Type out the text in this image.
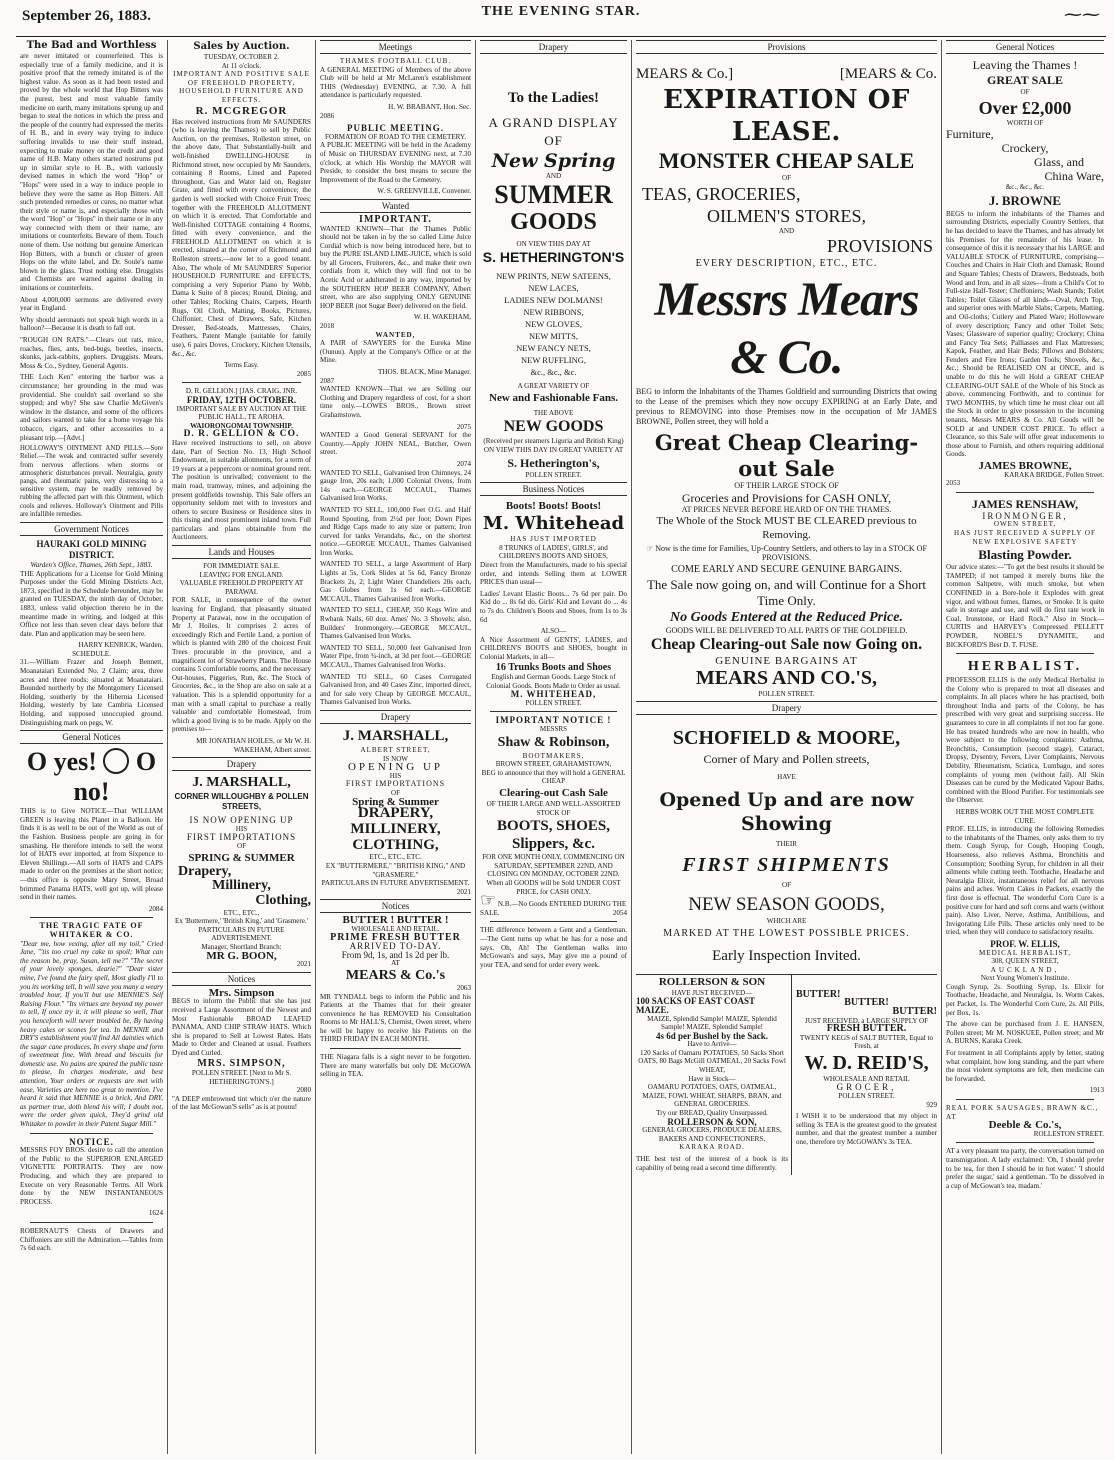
September 26, 1883.	THE EVENING STAR.	⁓⁓
The Bad and Worthless

are never imitated or counterfeited. This is especially true of a family medicine, and it is positive proof that the remedy imitated is of the highest value. As soon as it had been tested and proved by the whole world that Hop Bitters was the purest, best and most valuable family medicine on earth, many imitations sprung up and began to steal the notices in which the press and the people of the country had expressed the merits of H. B., and in every way trying to induce suffering invalids to use their stuff instead, expecting to make money on the credit and good name of H.B. Many others started nostrums put up in similar style to H. B., with variously devised names in which the word "Hop" or "Hops" were used in a way to induce people to believe they were the same as Hop Bitters. All such pretended remedies or cures, no matter what their style or name is, and especially those with the word "Hop" or "Hops" in their name or in any way connected with them or their name, are imitations or counterfeits. Beware of them. Touch none of them. Use nothing but genuine American Hop Bitters, with a bunch or cluster of green Hops on the white label, and Dr. Soule's name blown in the glass. Trust nothing else. Druggists and Chemists are warned against dealing in imitations or counterfeits.

About 4,000,000 sermons are delivered every year in England.

Why should aeronauts not speak high words in a balloon?—Because it is death to fall out.

"ROUGH ON RATS."—Clears out rats, mice, roaches, flies, ants, bed-bugs, beetles, insects, skunks, jack-rabbits, gophers. Druggists. Mears, Moss & Co., Sydney, General Agents.

THE Loch Ken" entering the harbor was a circumstance; her grounding in the mud was providential. She couldn't sail overland so she stopped; and why? She saw Charlie McGiven's window in the distance, and some of the officers and sailors wanted to take for a home voyage his tobacco, cigars, and other accessories to a pleasant trip.—[Advt.]

HOLLOWAY'S OINTMENT AND PILLS.—Sore Relief.—The weak and contracted suffer severely from nervous affections when storms or atmospheric disturbances prevail. Neuralgia, gouty pangs, and rheumatic pains, very distressing to a sensitive system, may be readily removed by rubbing the affected part with this Ointment, which cools and relieves. Holloway's Ointment and Pills are infallible remedies.

Government Notices
HAURAKI GOLD MINING DISTRICT.
Warden's Office, Thames, 26th Sept., 1883.

THE Applications for a License for Gold Mining Purposes under the Gold Mining Districts Act, 1873, specified in the Schedule hereunder, may be granted on TUESDAY, the ninth day of October, 1883, unless valid objection thereto be in the meantime made in writing, and lodged at this Office not less than seven clear days before that date. Plan and application may be seen here.

HARRY KENRICK, Warden.
SCHEDULE.

31.—William Frazer and Joseph Bennett, Moanataiari Extended No. 2 Claim; area, three acres and three roods; situated at Moanataiari. Bounded northerly by the Montgomery Licensed Holding, southerly by the Hibernia Licensed Holding, westerly by late Cambria Licensed Holding, and supposed unoccupied ground. Distinguishing mark on pegs, W.

General Notices
O yes! O no!

THIS is to Give NOTICE—That WILLIAM GREEN is leaving this Planet in a Balloon. He finds it is as well to be out of the World as out of the Fashion. Business people are going in for smashing. He therefore intends to sell the worst lot of HATS ever imported, at from Sixpence to Eleven Shillings.—All sorts of HATS and CAPS made to order on the premises at the short notice;—this office is opposite Mary Street, Broad brimmed Panama HATS, well got up, will please send in their names.

2084
THE TRAGIC FATE OF WHITAKER & CO.

"Dear me, how vexing, after all my toil," Cried Jane, "'tis too cruel my cake to spoil; What can the reason be, pray, Susan, tell me?" "The secret of your lovely sponges, dearie?" "Dear sister mine, I've found the fairy spell, Most gladly I'll to you its working tell, It will save you many a weary troubled hour, If you'll but use MENNIE'S Self Raising Flour." "Its virtues are beyond my power to tell, If once try it, it will please so well, That you henceforth will never troubled be, By having heavy cakes or scones for tea. In MENNIE and DRY'S establishment you'll find All dainties which the sugar cane produces, In every shape and form of sweetmeat fine, With bread and biscuits for domestic use. No pains are spared the public taste to please, In charges moderate, and best attention, Your orders or requests are met with ease, Varieties are here too great to mention. I've heard it said that MENNIE is a brick, And DRY, as partner true, doth blend his will; I doubt not, were the order given quick, They'd grind old Whitaker to powder in their Patent Sugar Mill."

NOTICE.

MESSRS FOY BROS. desire to call the attention of the Public to the SUPERIOR ENLARGED VIGNETTE PORTRAITS. They are now Producing, and which they are prepared to Execute on very Reasonable Terms. All Work done by the NEW INSTANTANEOUS PROCESS.

1624

ROBERNAUT'S Chests of Drawers and Chiffoniers are still the Admiration.—Tables from 7s 6d each.

Sales by Auction.
TUESDAY, OCTOBER 2.
At 11 o'clock.
IMPORTANT AND POSITIVE SALE OF FREEHOLD PROPERTY, HOUSEHOLD FURNITURE AND EFFECTS.
R. MCGREGOR

Has received instructions from Mr SAUNDERS (who is leaving the Thames) to sell by Public Auction, on the premises, Rolleston street, on the above date, That Substantially-built and well-finished DWELLING-HOUSE in Richmond street, now occupied by Mr Saunders, containing 8 Rooms, Lined and Papered throughout, Gas and Water laid on, Register Grate, and fitted with every convenience; the garden is well stocked with Choice Fruit Trees; together with the FREEHOLD ALLOTMENT on which it is erected. That Comfortable and Well-finished COTTAGE containing 4 Rooms, fitted with every convenience, and the FREEHOLD ALLOTMENT on which it is erected, situated at the corner of Richmond and Rolleston streets,—now let to a good tenant. Also, The whole of Mr SAUNDERS' Superior HOUSEHOLD FURNITURE and EFFECTS, comprising a very Superior Piano by Webb, Dama k Suite of 8 pieces; Round, Dining, and other Tables; Rocking Chairs, Carpets, Hearth Rugs, Oil Cloth, Matting, Books, Pictures, Chiffonier, Chest of Drawers, Safe, Kitchen Dresser, Bed-steads, Mattresses, Chairs, Feathers, Patent Mangle (suitable for family use), 6 pairs Doves, Crockery, Kitchen Utensils, &c., &c.

Terms Easy.
2085
D. R. GELLION.] [JAS. CRAIG, JNR.
FRIDAY, 12TH OCTOBER.
IMPORTANT SALE BY AUCTION AT THE PUBLIC HALL, TE AROHA.
WAIORONGOMAI TOWNSHIP.
D. R. GELLION & CO.

Have received instructions to sell, on above date, Part of Section No. 13, High School Endowment, in suitable allotments, for a term of 19 years at a peppercorn or nominal ground rent. The position is unrivalled; convenient to the main road, tramway, mines, and adjoining the present goldfields township. This Sale offers an opportunity seldom met with to investors and others to secure Business or Residence sites in this rising and most prominent inland town. Full particulars and plans obtainable from the Auctioneers.

Lands and Houses
FOR IMMEDIATE SALE.
LEAVING FOR ENGLAND.
VALUABLE FREEHOLD PROPERTY AT PARAWAI.

FOR SALE, in consequence of the owner leaving for England, that pleasantly situated Property at Parawai, now in the occupation of Mr J. Hoiles. It comprises 2 acres of exceedingly Rich and Fertile Land, a portion of which is planted with 280 of the choicest Fruit Trees procurable in the province, and a magnificent lot of Strawberry Plants. The House contains 5 comfortable rooms, and the necessary Out-houses, Piggeries, Run, &c. The Stock of Groceries, &c., in the Shop are also on sale at a valuation. This is a splendid opportunity for a man with a small capital to purchase a really valuable and comfortable Homestead, from which a good living is to be made. Apply on the premises to—

MR JONATHAN HOILES, or Mr W. H. WAKEHAM, Albert street.
Drapery
J. MARSHALL,
CORNER WILLOUGHBY & POLLEN STREETS,
IS NOW OPENING UP
HIS
FIRST IMPORTATIONS
OF
SPRING & SUMMER
Drapery,
Millinery,
Clothing,
ETC., ETC.,
Ex 'Buttermere,' 'British King,' and 'Grasmere.'
PARTICULARS IN FUTURE ADVERTISEMENT.
Manager, Shortland Branch:
MR G. BOON,
2021
Notices
Mrs. Simpson

BEGS to inform the Public that she has just received a Large Assortment of the Newest and Most Fashionable BROAD LEAFED PANAMA, AND CHIP STRAW HATS. Which she is prepared to Sell at Lowest Rates. Hats Made to Order and Cleaned at usual. Feathers Dyed and Curled.

MRS. SIMPSON,
POLLEN STREET. [Next to Mr S. HETHERINGTON'S.]
2080

"A DEEP embrowned tint which o'er the nature of the last McGowan'S sells" as is at pounu!

Meetings
THAMES FOOTBALL CLUB.

A GENERAL MEETING of Members of the above Club will be held at Mr McLaren's establishment THIS (Wednesday) EVENING, at 7.30. A full attendance is particularly requested.

H. W. BRABANT, Hon. Sec.
2086
PUBLIC MEETING.
FORMATION OF ROAD TO THE CEMETERY.

A PUBLIC MEETING will be held in the Academy of Music on THURSDAY EVENING next, at 7.30 o'clock, at which His Worship the MAYOR will Preside, to consider the best means to secure the Improvement of the Road to the Cemetery.

W. S. GREENVILLE, Convener.
Wanted
IMPORTANT.

WANTED KNOWN—That the Thames Public should not be taken in by the so called Lime Juice Cordial which is now being introduced here, but to buy the PURE ISLAND LIME-JUICE, which is sold by all Grocers, Fruiterers, &c., and make their own cordials from it, which they will find not to be Acetic Acid or adulterated in any way, imported by the SOUTHERN HOP BEER COMPANY, Albert street, who are also supplying ONLY GENUINE HOP BEER (not Sugar Beer) delivered on the field.

W. H. WAKEHAM,
2018
WANTED,

A PAIR of SAWYERS for the Eureka Mine (Ounuu). Apply at the Company's Office or at the Mine.

THOS. BLACK, Mine Manager.
2087

WANTED KNOWN—That we are Selling our Clothing and Drapery regardless of cost, for a short time only.—LOWES BROS., Brown street Grahamstown.

2075

WANTED a Good General SERVANT for the Country.—Apply JOHN NEAL, Butcher, Owen street.

2074

WANTED TO SELL, Galvanised Iron Chimneys, 24 gauge Iron, 20s each; 1,000 Colonial Ovens, from 14s each.—GEORGE MCCAUL, Thames Galvanised Iron Works.

WANTED TO SELL, 100,000 Feet O.G. and Half Round Spouting, from 2½d per foot; Down Pipes and Ridge Caps made to any size or pattern; Iron curved for tanks Verandahs, &c., on the shortest notice.—GEORGE MCCAUL, Thames Galvanised Iron Works.

WANTED TO SELL, a large Assortment of Harp Lights at 5s, Cork Slides at 5s 6d, Fancy Bronze Brackets 2s, 2; Light Water Chandeliers 20s each, Gas Globes from 1s 6d each.—GEORGE MCCAUL, Thames Galvanised Iron Works.

WANTED TO SELL, CHEAP, 350 Kegs Wire and Rwbank Nails, 60 doz. Ames' No. 3 Shovels; also, Builders' Ironmongery.—GEORGE MCCAUL, Thames Galvanised Iron Works.

WANTED TO SELL, 50,000 feet Galvanised Iron Water Pipe, from ¾-inch, at 3d per foot.—GEORGE MCCAUL, Thames Galvanised Iron Works.

WANTED TO SELL, 60 Cases Corrugated Galvanised Iron, and 40 Cases Zinc, imported direct, and for sale very Cheap by GEORGE MCCAUL, Thames Galvanised Iron Works.

Drapery
J. MARSHALL,
ALBERT STREET,
IS NOW
OPENING UP
HIS
FIRST IMPORTATIONS
OF
Spring & Summer
DRAPERY,
MILLINERY,
CLOTHING,
ETC., ETC., ETC.
EX "BUTTERMERE," "BRITISH KING," AND "GRASMERE."
PARTICULARS IN FUTURE ADVERTISEMENT.
2021
Notices
BUTTER ! BUTTER !
WHOLESALE AND RETAIL.
PRIME FRESH BUTTER
ARRIVED TO-DAY.
From 9d, 1s, and 1s 2d per lb.
AT
MEARS & Co.'s
2063

MR TYNDALL begs to inform the Public and his Patients at the Thames that for their greater convenience he has REMOVED his Consultation Rooms to Mr HALL'S, Chemist, Owen street, where he will be happy to receive his Patients on the THIRD FRIDAY IN EACH MONTH.

THE Niagara falls is a sight never to be forgotten. There are many waterfalls but only DE McGOWA selling in TEA.

Drapery
To the Ladies!
A GRAND DISPLAY OF
New Spring
AND
SUMMER
GOODS
ON VIEW THIS DAY AT
S. HETHERINGTON'S
NEW PRINTS, NEW SATEENS,
NEW LACES,
LADIES NEW DOLMANS!
NEW RIBBONS,
NEW GLOVES,
NEW MITTS,
NEW FANCY NETS,
NEW RUFFLING,
&c., &c., &c.
A GREAT VARIETY OF
New and Fashionable Fans.
THE ABOVE
NEW GOODS
(Received per steamers Liguria and British King)
ON VIEW THIS DAY IN GREAT VARIETY AT
S. Hetherington's,
POLLEN STREET.
Business Notices
Boots! Boots! Boots!
M. Whitehead
HAS JUST IMPORTED
8 TRUNKS of LADIES', GIRLS', and CHILDREN'S BOOTS AND SHOES,

Direct from the Manufacturers, made to his special order, and intends Selling them at LOWER PRICES than usual—

Ladies' Levant Elastic Boots... 7s 6d per pair. Do Kid do ... 8s 6d do. Girls' Kid and Levant do ... 4s to 7s do. Children's Boots and Shoes, from 1s to 3s 6d

ALSO—

A Nice Assortment of GENTS', LADIES, and CHILDREN'S BOOTS and SHOES, bought in Colonial Markets, in all—

16 Trunks Boots and Shoes
English and German Goods. Large Stock of Colonial Goods. Boots Made to Order as usual.
M. WHITEHEAD,
POLLEN STREET.
IMPORTANT NOTICE !
MESSRS
Shaw & Robinson,
BOOTMAKERS,
BROWN STREET, GRAHAMSTOWN,
BEG to announce that they will hold a GENERAL CHEAP
Clearing-out Cash Sale
OF THEIR LARGE AND WELL-ASSORTED STOCK OF
BOOTS, SHOES,
Slippers, &c.
FOR ONE MONTH ONLY, COMMENCING ON SATURDAY, SEPTEMBER 22ND, AND CLOSING ON MONDAY, OCTOBER 22ND.
When all GOODS will be Sold UNDER COST PRICE, for CASH ONLY.
☞ N.B.—No Goods ENTERED DURING THE SALE.	2054

THE difference between a Gent and a Gentleman.—The Gent turns up what he has for a nose and says, Oh, Ah! The Gentleman walks into McGowan's and says, May give me a pound of your TEA, and send for order every week.

Provisions
MEARS & Co.]	[MEARS & Co.
EXPIRATION OF LEASE.
MONSTER CHEAP SALE
OF
TEAS, GROCERIES,
OILMEN'S STORES,
AND
PROVISIONS
EVERY DESCRIPTION, ETC., ETC.
Messrs Mears & Co.

BEG to inform the Inhabitants of the Thames Goldfield and surrounding Districts that owing to the Lease of the premises which they now occupy EXPIRING at an Early Date, and previous to REMOVING into those Premises now in the occupation of Mr JAMES BROWNE, Pollen street, they will hold a

Great Cheap Clearing-out Sale
OF THEIR LARGE STOCK OF
Groceries and Provisions for CASH ONLY,
AT PRICES NEVER BEFORE HEARD OF ON THE THAMES.
The Whole of the Stock MUST BE CLEARED previous to Removing.
☞ Now is the time for Families, Up-Country Settlers, and others to lay in a STOCK OF PROVISIONS.
COME EARLY AND SECURE GENUINE BARGAINS.
The Sale now going on, and will Continue for a Short Time Only.
No Goods Entered at the Reduced Price.
GOODS WILL BE DELIVERED TO ALL PARTS OF THE GOLDFIELD.
Cheap Clearing-out Sale now Going on.
GENUINE BARGAINS AT
MEARS AND CO.'S,
POLLEN STREET.
Drapery
SCHOFIELD & MOORE,
Corner of Mary and Pollen streets,
HAVE
Opened Up and are now Showing
THEIR
FIRST SHIPMENTS
OF
NEW SEASON GOODS,
WHICH ARE
MARKED AT THE LOWEST POSSIBLE PRICES.
Early Inspection Invited.
ROLLERSON & SON
HAVE JUST RECEIVED—
100 SACKS OF EAST COAST MAIZE.
MAIZE, Splendid Sample! MAIZE, Splendid Sample! MAIZE, Splendid Sample!
4s 6d per Bushel by the Sack.
Have to Arrive—
120 Sacks of Oamaru POTATOES, 50 Sacks Short OATS, 80 Bags McGill OATMEAL, 20 Sacks Fowl WHEAT,
Have in Stock—
OAMARU POTATOES, OATS, OATMEAL, MAIZE, FOWL WHEAT, SHARPS, BRAN, and GENERAL GROCERIES.
Try our BREAD, Quality Unsurpassed.
ROLLERSON & SON,
GENERAL GROCERS, PRODUCE DEALERS, BAKERS AND CONFECTIONERS,
KARAKA ROAD.

THE best test of the interest of a book is its capability of being read a second time differently.

BUTTER!
BUTTER!
BUTTER!
JUST RECEIVED, a LARGE SUPPLY OF
FRESH BUTTER.
TWENTY KEGS of SALT BUTTER, Equal to Fresh, at
W. D. REID'S,
WHOLESALE AND RETAIL
GROCER,
POLLEN STREET.
929

I WISH it to be understood that my object in selling 3s TEA is the greatest good to the greatest number, and that the greatest number a number one, therefore try McGOWAN's 3s TEA.

General Notices
Leaving the Thames !
GREAT SALE
OF
Over £2,000
WORTH OF
Furniture,
Crockery,
Glass, and
China Ware,
&c., &c., &c.
J. BROWNE

BEGS to inform the inhabitants of the Thames and surrounding Districts, especially Country Settlers, that he has decided to leave the Thames, and has already let his Premises for the remainder of his lease. In consequence of this it is necessary that his LARGE and VALUABLE STOCK of FURNITURE, comprising—Couches and Chairs in Hair Cloth and Damask; Round and Square Tables; Chests of Drawers, Bedsteads, both Wood and Iron, and in all sizes—from a Child's Cot to Full-size Half-Tester; Cheffoniers; Wash Stands; Toilet Tables; Toilet Glasses of all kinds—Oval, Arch Top, and superior ones with Marble Slabs; Carpets, Matting, and Oil-cloths; Cutlery and Plated Ware; Hollowware of every description; Fancy and other Toilet Sets; Vases; Glassware of superior quality; Crockery; China and Fancy Tea Sets; Palliasses and Flax Mattresses; Kapok, Feather, and Hair Beds; Pillows and Bolsters; Fenders and Fire Irons; Garden Tools; Shovels, &c., &c.; Should be REALISED ON at ONCE, and is unable to do this he will Hold a GREAT CHEAP CLEARING-OUT SALE of the Whole of his Stock as above, commencing Forthwith, and to continue for TWO MONTHS, by which time he must clear out all the Stock in order to give possession to the incoming tenants, Messrs MEARS & Co. All Goods will be SOLD at and UNDER COST PRICE. To effect a Clearance, so this Sale will offer great inducements to those about to Furnish, and others requiring additional Goods.

JAMES BROWNE,
KARAKA BRIDGE, Pollen Street.
2053
JAMES RENSHAW,
IRONMONGER,
OWEN STREET,
HAS JUST RECEIVED A SUPPLY OF NEW EXPLOSIVE SAFETY
Blasting Powder.

Our advice states:—"To get the best results it should be TAMPED; if not tamped it merely burns like the common Saltpetre, with much smoke, but when CONFINED in a Bore-hole it Explodes with great vigor, and without fumes, flames, or Smoke. It is quite safe in storage and use, and will do first rate work in Coal, Ironstone, or Hard Rock." Also in Stock—CURTIS and HARVEY's Compressed PELLETT POWDER, NOBEL'S DYNAMITE, and BICKFORD'S Best D. T. FUSE.

HERBALIST.

PROFESSOR ELLIS is the only Medical Herbalist in the Colony who is prepared to treat all diseases and complaints. In all places where he has practised, both throughout India and parts of the Colony, he has prescribed with very great and surprising success. He guarantees to cure in all complaints if not too far gone. He has treated hundreds who are now in health, who were subject to the following complaints: Asthma, Bronchitis, Consumption (second stage), Cataract, Dropsy, Dysentry, Fevers, Liver Complaints, Nervous Debility, Rheumatism, Sciatica, Lumbago, and sores complaints of young men (without fail). All Skin Diseases can be cured by the Medicated Vapour Baths, combined with the Blood Purifier. For testimonials see the Observer.

HERBS WORK OUT THE MOST COMPLETE CURE.

PROF. ELLIS, in introducing the following Remedies to the inhabitants of the Thames, only asks them to try them. Cough Syrup, for Cough, Hooping Cough, Hoarseness, also relieves Asthma, Bronchitis and Consumption; Soothing Syrup, for children in all their ailments while cutting teeth. Toothache, Headache and Neuralgia Elixir, instantaneous relief for all nervous pains and aches. Worm Cakes in Packets, exactly the first dose is effectual. The wonderful Corn Cure is a positive cure for hard and soft corns and warts (without pain). Also Liver, Nerve, Asthma, Antibilious, and Invigorating Life Pills. These articles only need to be tried, when they will conduce to satisfactory results.

PROF. W. ELLIS,
MEDICAL HERBALIST,
308, QUEEN STREET,
AUCKLAND,
Next Young Women's Institute.

Cough Syrup, 2s. Soothing Syrup, 1s. Elixir for Toothache, Headache, and Neuralgia, 1s. Worm Cakes, per Packet, 1s. The Wonderful Corn Cure, 2s. All Pills, per Box, 1s.

The above can be purchased from J. E. HANSEN, Pollen street; Mr M. NOSKUEE, Pollen street; and Mr A. BURNS, Karaka Creek.

For treatment in all Complaints apply by letter, stating what complaint, how long standing, and the part where the most violent symptoms are felt, then medicine can be forwarded.

1913
REAL PORK SAUSAGES, BRAWN &C., AT
Deeble & Co.'s,
ROLLESTON STREET.

AT a very pleasant tea party, the conversation turned on transmigration. A lady exclaimed: 'Oh, I should prefer to be tea, for then I should be in hot water.' 'I should prefer the sugar,' said a gentleman. 'To be dissolved in a cup of McGowan's tea, madam.'
